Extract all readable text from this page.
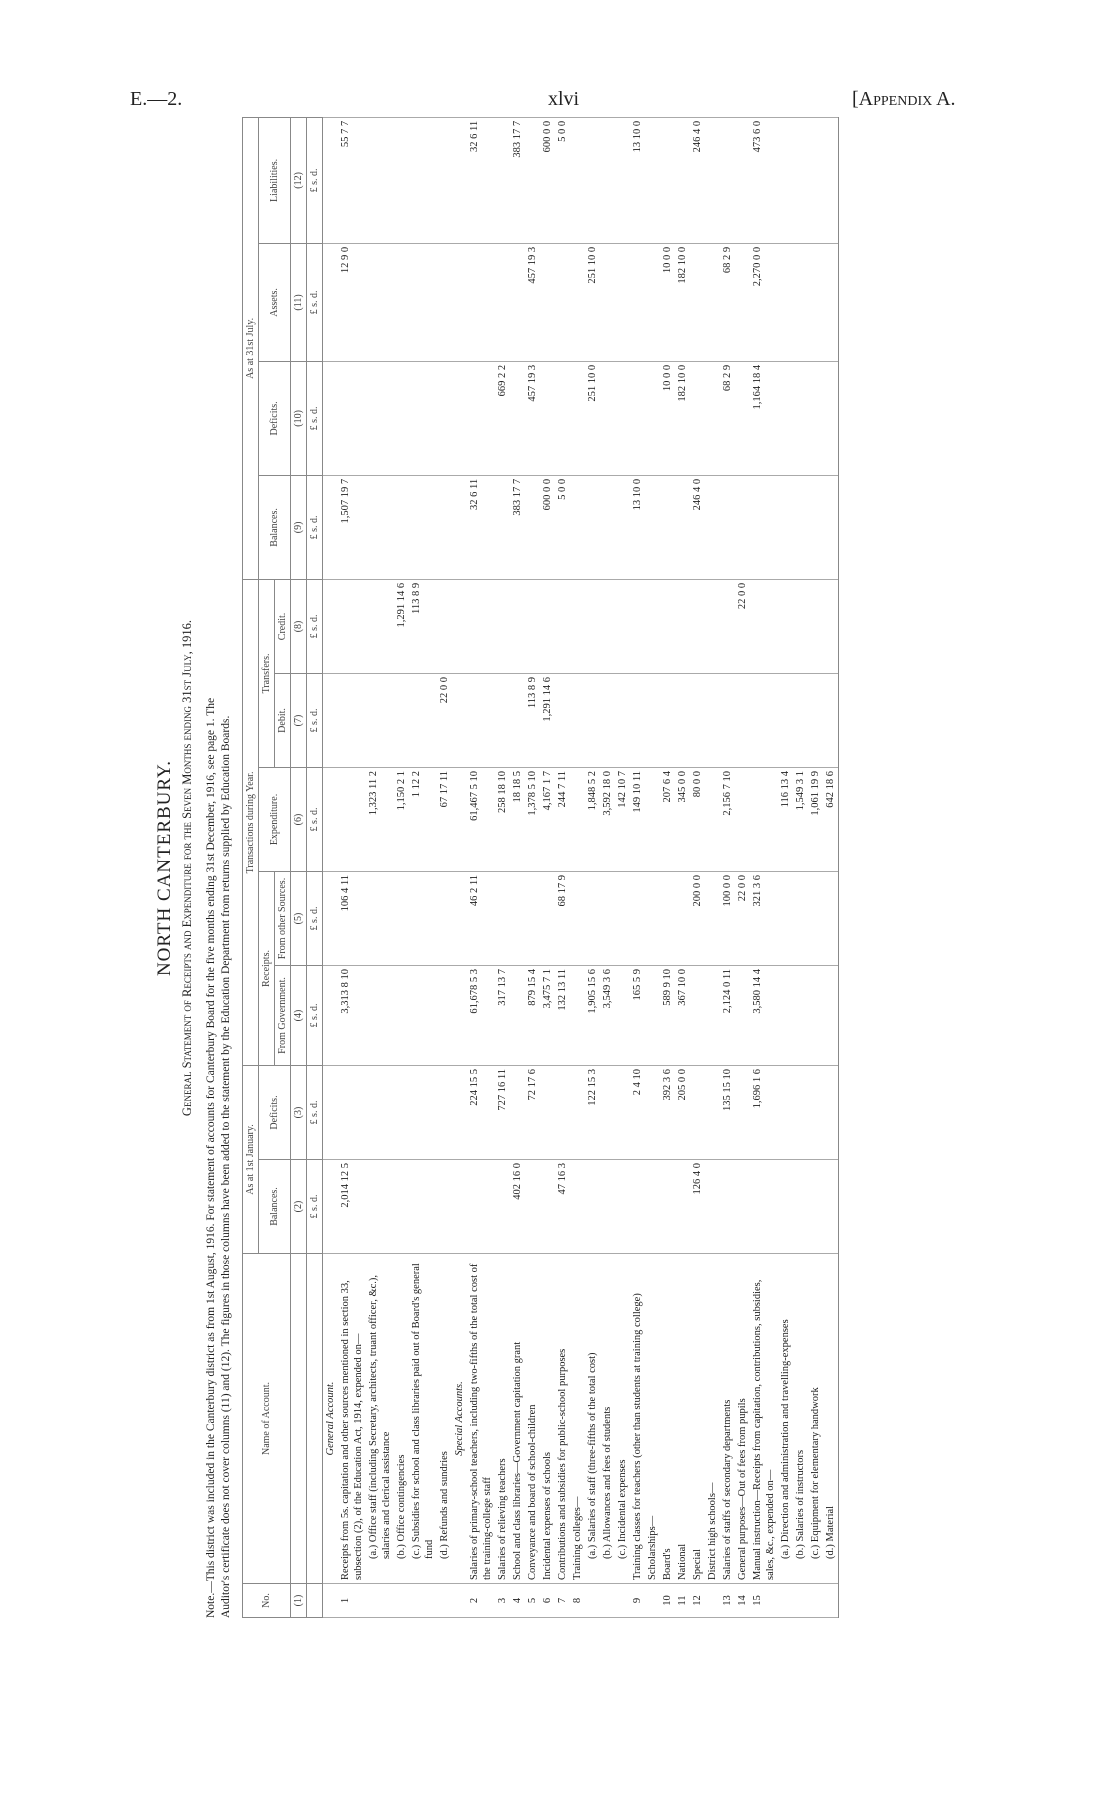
E.—2.	xlvi	[Appendix A.
NORTH CANTERBURY. General Statement of Receipts and Expenditure for the Seven Months ending 31st July, 1916. Note.—This district was included in the Canterbury district as from 1st August, 1916. For statement of accounts for Canterbury Board for the five months ending 31st December, 1916, see page 1. The Auditor's certificate does not cover columns (11) and (12). The figures in those columns have been added to the statement by the Education Department from returns supplied by Education Boards.	No.	Name of Account.	As at 1st January.		Transactions during Year.					As at 31st July.			
		Balances.	Deficits.	Receipts.		Expenditure.	Transfers.		Balances.	Deficits.	Assets.	Liabilities.
				From Government.	From other Sources.		Debit.	Credit.				
(1)		(2)	(3)	(4)	(5)	(6)	(7)	(8)	(9)	(10)	(11)	(12)
		£ s. d.	£ s. d.	£ s. d.	£ s. d.	£ s. d.	£ s. d.	£ s. d.	£ s. d.	£ s. d.	£ s. d.	£ s. d.
	General Account.											
1	Receipts from 5s. capitation and other sources mentioned in section 33, subsection (2), of the Education Act, 1914, expended on—	2,014 12 5		3,313 8 10	106 4 11				1,507 19 7		12 9 0	55 7 7
	(a.) Office staff (including Secretary, architects, truant officer, &c.), salaries and clerical assistance					1,323 11 2						
	(b.) Office contingencies					1,150 2 1		1,291 14 6				
	(c.) Subsidies for school and class libraries paid out of Board's general fund					1 12 2		113 8 9				
	(d.) Refunds and sundries					67 17 11	22 0 0					
	Special Accounts.											
2	Salaries of primary-school teachers, including two-fifths of the total cost of the training-college staff		224 15 5	61,678 5 3	46 2 11	61,467 5 10			32 6 11			32 6 11
3	Salaries of relieving teachers		727 16 11	317 13 7		258 18 10				669 2 2		
4	School and class libraries—Government capitation grant	402 16 0				18 18 5			383 17 7			383 17 7
5	Conveyance and board of school-children		72 17 6	879 15 4		1,378 5 10	113 8 9			457 19 3	457 19 3	
6	Incidental expenses of schools			3,475 7 1		4,167 1 7	1,291 14 6		600 0 0			600 0 0
7	Contributions and subsidies for public-school purposes	47 16 3		132 13 11	68 17 9	244 7 11			5 0 0			5 0 0
8	Training colleges—											
	(a.) Salaries of staff (three-fifths of the total cost)		122 15 3	1,905 15 6		1,848 5 2				251 10 0	251 10 0	
	(b.) Allowances and fees of students			3,549 3 6		3,592 18 0						
	(c.) Incidental expenses					142 10 7						
9	Training classes for teachers (other than students at training college)		2 4 10	165 5 9		149 10 11			13 10 0			13 10 0
	Scholarships—											
10	Board's		392 3 6	589 9 10		207 6 4				10 0 0	10 0 0	
11	National		205 0 0	367 10 0		345 0 0				182 10 0	182 10 0	
12	Special	126 4 0			200 0 0	80 0 0			246 4 0			246 4 0
	District high schools—											
13	Salaries of staffs of secondary departments		135 15 10	2,124 0 11	100 0 0	2,156 7 10				68 2 9	68 2 9	
14	General purposes—Out of fees from pupils				22 0 0			22 0 0				
15	Manual instruction—Receipts from capitation, contributions, subsidies, sales, &c., expended on—		1,696 1 6	3,580 14 4	321 3 6					1,164 18 4	2,270 0 0	473 6 0
	(a.) Direction and administration and travelling-expenses					116 13 4						
	(b.) Salaries of instructors					1,549 3 1						
	(c.) Equipment for elementary handwork					1,061 19 9						
	(d.) Material					642 18 6						
